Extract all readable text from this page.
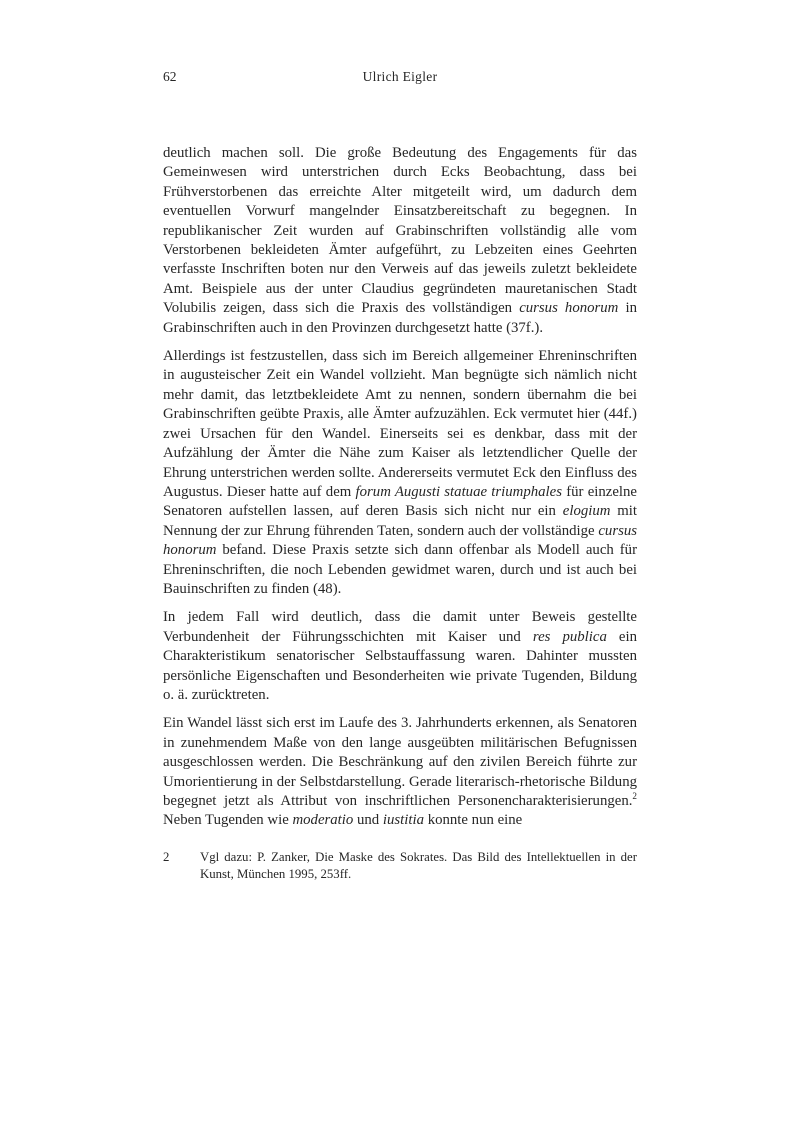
62	Ulrich Eigler

deutlich machen soll. Die große Bedeutung des Engagements für das Gemeinwesen wird unterstrichen durch Ecks Beobachtung, dass bei Frühverstorbenen das erreichte Alter mitgeteilt wird, um dadurch dem eventuellen Vorwurf mangelnder Einsatzbereitschaft zu begegnen. In republikanischer Zeit wurden auf Grabinschriften vollständig alle vom Verstorbenen bekleideten Ämter aufgeführt, zu Lebzeiten eines Geehrten verfasste Inschriften boten nur den Verweis auf das jeweils zuletzt bekleidete Amt. Beispiele aus der unter Claudius gegründeten mauretanischen Stadt Volubilis zeigen, dass sich die Praxis des vollständigen cursus honorum in Grabinschriften auch in den Provinzen durchgesetzt hatte (37f.).

Allerdings ist festzustellen, dass sich im Bereich allgemeiner Ehreninschriften in augusteischer Zeit ein Wandel vollzieht. Man begnügte sich nämlich nicht mehr damit, das letztbekleidete Amt zu nennen, sondern übernahm die bei Grabinschriften geübte Praxis, alle Ämter aufzuzählen. Eck vermutet hier (44f.) zwei Ursachen für den Wandel. Einerseits sei es denkbar, dass mit der Aufzählung der Ämter die Nähe zum Kaiser als letztendlicher Quelle der Ehrung unterstrichen werden sollte. Andererseits vermutet Eck den Einfluss des Augustus. Dieser hatte auf dem forum Augusti statuae triumphales für einzelne Senatoren aufstellen lassen, auf deren Basis sich nicht nur ein elogium mit Nennung der zur Ehrung führenden Taten, sondern auch der vollständige cursus honorum befand. Diese Praxis setzte sich dann offenbar als Modell auch für Ehreninschriften, die noch Lebenden gewidmet waren, durch und ist auch bei Bauinschriften zu finden (48).

In jedem Fall wird deutlich, dass die damit unter Beweis gestellte Verbundenheit der Führungsschichten mit Kaiser und res publica ein Charakteristikum senatorischer Selbstauffassung waren. Dahinter mussten persönliche Eigenschaften und Besonderheiten wie private Tugenden, Bildung o. ä. zurücktreten.

Ein Wandel lässt sich erst im Laufe des 3. Jahrhunderts erkennen, als Senatoren in zunehmendem Maße von den lange ausgeübten militärischen Befugnissen ausgeschlossen werden. Die Beschränkung auf den zivilen Bereich führte zur Umorientierung in der Selbstdarstellung. Gerade literarisch-rhetorische Bildung begegnet jetzt als Attribut von inschriftlichen Personencharakterisierungen.$^2$ Neben Tugenden wie moderatio und iustitia konnte nun eine

2	Vgl dazu: P. Zanker, Die Maske des Sokrates. Das Bild des Intellektuellen in der Kunst, München 1995, 253ff.
